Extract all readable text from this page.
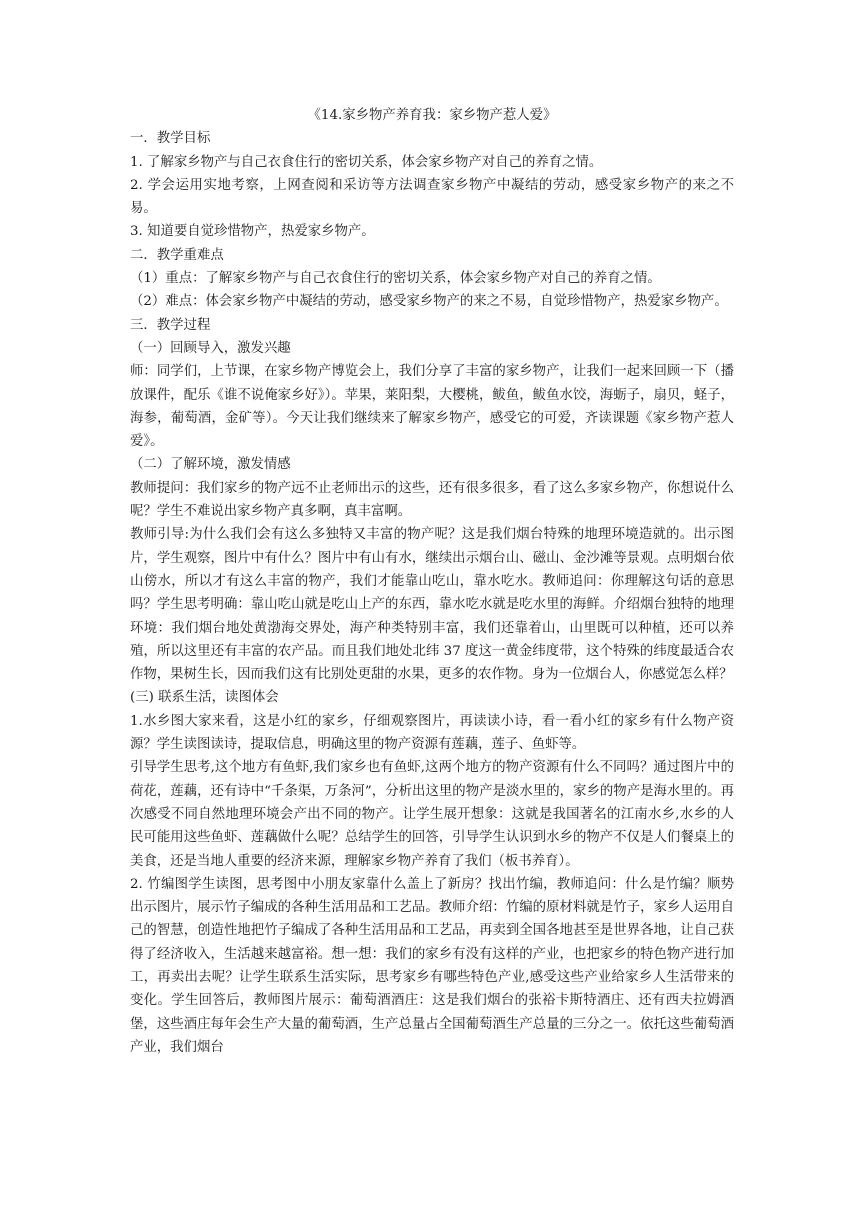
《14.家乡物产养育我：家乡物产惹人爱》

一．教学目标

1. 了解家乡物产与自己衣食住行的密切关系，体会家乡物产对自己的养育之情。

2. 学会运用实地考察，上网查阅和采访等方法调查家乡物产中凝结的劳动，感受家乡物产的来之不易。

3. 知道要自觉珍惜物产，热爱家乡物产。

二．教学重难点

（1）重点：了解家乡物产与自己衣食住行的密切关系，体会家乡物产对自己的养育之情。

（2）难点：体会家乡物产中凝结的劳动，感受家乡物产的来之不易，自觉珍惜物产，热爱家乡物产。

三．教学过程

（一）回顾导入，激发兴趣

师：同学们，上节课，在家乡物产博览会上，我们分享了丰富的家乡物产，让我们一起来回顾一下（播放课件，配乐《谁不说俺家乡好》）。苹果，莱阳梨，大樱桃，鲅鱼，鲅鱼水饺，海蛎子，扇贝，蛏子，海参，葡萄酒，金矿等）。今天让我们继续来了解家乡物产，感受它的可爱，齐读课题《家乡物产惹人爱》。

（二）了解环境，激发情感

教师提问：我们家乡的物产远不止老师出示的这些，还有很多很多，看了这么多家乡物产，你想说什么呢？学生不难说出家乡物产真多啊，真丰富啊。

教师引导:为什么我们会有这么多独特又丰富的物产呢？这是我们烟台特殊的地理环境造就的。出示图片，学生观察，图片中有什么？图片中有山有水，继续出示烟台山、磁山、金沙滩等景观。点明烟台依山傍水，所以才有这么丰富的物产，我们才能靠山吃山，靠水吃水。教师追问：你理解这句话的意思吗？学生思考明确：靠山吃山就是吃山上产的东西，靠水吃水就是吃水里的海鲜。介绍烟台独特的地理环境：我们烟台地处黄渤海交界处，海产种类特别丰富，我们还靠着山，山里既可以种植，还可以养殖，所以这里还有丰富的农产品。而且我们地处北纬 37 度这一黄金纬度带，这个特殊的纬度最适合农作物，果树生长，因而我们这有比别处更甜的水果，更多的农作物。身为一位烟台人，你感觉怎么样？

(三) 联系生活，读图体会

1.水乡图大家来看，这是小红的家乡，仔细观察图片，再读读小诗，看一看小红的家乡有什么物产资源？学生读图读诗，提取信息，明确这里的物产资源有莲藕，莲子、鱼虾等。

引导学生思考,这个地方有鱼虾,我们家乡也有鱼虾,这两个地方的物产资源有什么不同吗？通过图片中的荷花，莲藕，还有诗中“千条渠，万条河”，分析出这里的物产是淡水里的，家乡的物产是海水里的。再次感受不同自然地理环境会产出不同的物产。让学生展开想象：这就是我国著名的江南水乡,水乡的人民可能用这些鱼虾、莲藕做什么呢？总结学生的回答，引导学生认识到水乡的物产不仅是人们餐桌上的美食，还是当地人重要的经济来源，理解家乡物产养育了我们（板书养育）。

2. 竹编图学生读图，思考图中小朋友家靠什么盖上了新房？找出竹编，教师追问：什么是竹编？顺势出示图片，展示竹子编成的各种生活用品和工艺品。教师介绍：竹编的原材料就是竹子，家乡人运用自己的智慧，创造性地把竹子编成了各种生活用品和工艺品，再卖到全国各地甚至是世界各地，让自己获得了经济收入，生活越来越富裕。想一想：我们的家乡有没有这样的产业，也把家乡的特色物产进行加工，再卖出去呢？让学生联系生活实际，思考家乡有哪些特色产业,感受这些产业给家乡人生活带来的变化。学生回答后，教师图片展示：葡萄酒酒庄：这是我们烟台的张裕卡斯特酒庄、还有西夫拉姆酒堡，这些酒庄每年会生产大量的葡萄酒，生产总量占全国葡萄酒生产总量的三分之一。依托这些葡萄酒产业，我们烟台
